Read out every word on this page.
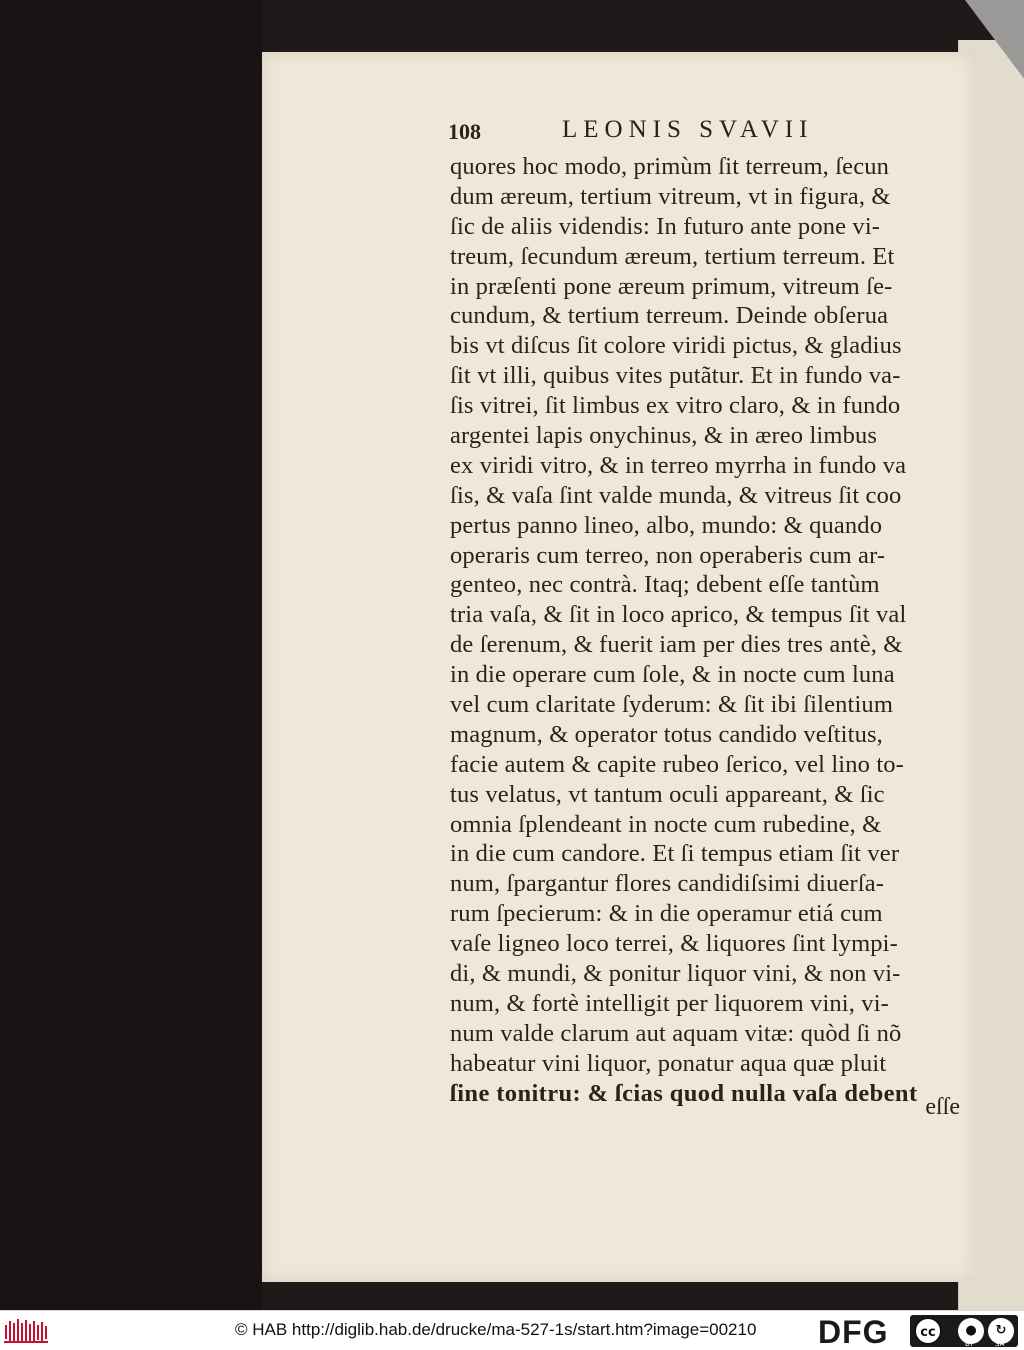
108	LEONIS SVAVII
quores hoc modo, primùm ſit terreum, ſecun
dum æreum, tertium vitreum, vt in figura, &
ſic de aliis videndis: In futuro ante pone vi-
treum, ſecundum æreum, tertium terreum. Et
in præſenti pone æreum primum, vitreum ſe-
cundum, & tertium terreum. Deinde obſerua
bis vt diſcus ſit colore viridi pictus, & gladius
ſit vt illi, quibus vites putãtur. Et in fundo va-
ſis vitrei, ſit limbus ex vitro claro, & in fundo
argentei lapis onychinus, & in æreo limbus
ex viridi vitro, & in terreo myrrha in fundo va
ſis, & vaſa ſint valde munda, & vitreus ſit coo
pertus panno lineo, albo, mundo: & quando
operaris cum terreo, non operaberis cum ar-
genteo, nec contrà. Itaq; debent eſſe tantùm
tria vaſa, & ſit in loco aprico, & tempus ſit val
de ſerenum, & fuerit iam per dies tres antè, &
in die operare cum ſole, & in nocte cum luna
vel cum claritate ſyderum: & ſit ibi ſilentium
magnum, & operator totus candido veſtitus,
facie autem & capite rubeo ſerico, vel lino to-
tus velatus, vt tantum oculi appareant, & ſic
omnia ſplendeant in nocte cum rubedine, &
in die cum candore. Et ſi tempus etiam ſit ver
num, ſpargantur flores candidiſsimi diuerſa-
rum ſpecierum: & in die operamur etiá cum
vaſe ligneo loco terrei, & liquores ſint lympi-
di, & mundi, & ponitur liquor vini, & non vi-
num, & fortè intelligit per liquorem vini, vi-
num valde clarum aut aquam vitæ: quòd ſi nõ
habeatur vini liquor, ponatur aqua quæ pluit
ſine tonitru: & ſcias quod nulla vaſa debent
eſſe
© HAB http://diglib.hab.de/drucke/ma-527-1s/start.htm?image=00210 DFG	cc	●	↻
BY	SA
